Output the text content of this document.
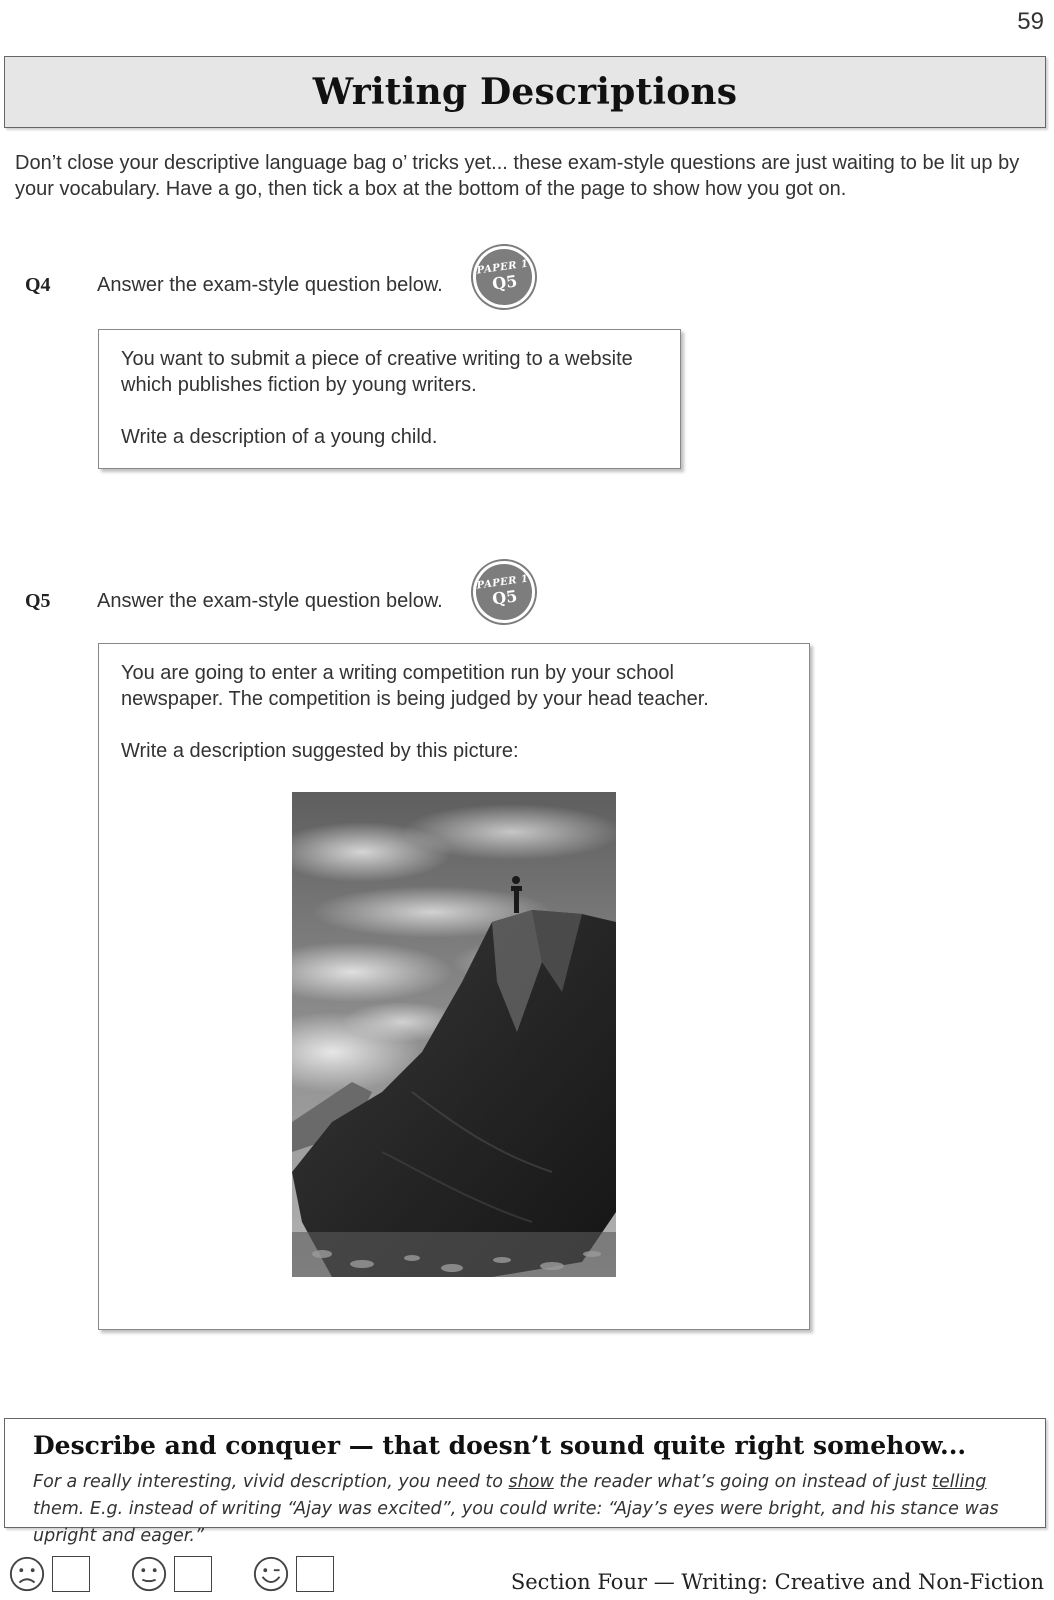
59
Writing Descriptions

Don’t close your descriptive language bag o’ tricks yet... these exam-style questions are just waiting to be lit up by your vocabulary. Have a go, then tick a box at the bottom of the page to show how you got on.

Q4 Answer the exam-style question below.
PAPER 1
Q5

You want to submit a piece of creative writing to a website which publishes fiction by young writers.

Write a description of a young child.

Q5 Answer the exam-style question below.
PAPER 1
Q5

You are going to enter a writing competition run by your school newspaper. The competition is being judged by your head teacher.

Write a description suggested by this picture:

Describe and conquer — that doesn’t sound quite right somehow...

For a really interesting, vivid description, you need to show the reader what’s going on instead of just telling them. E.g. instead of writing “Ajay was excited”, you could write: “Ajay’s eyes were bright, and his stance was upright and eager.”

Section Four — Writing: Creative and Non-Fiction
